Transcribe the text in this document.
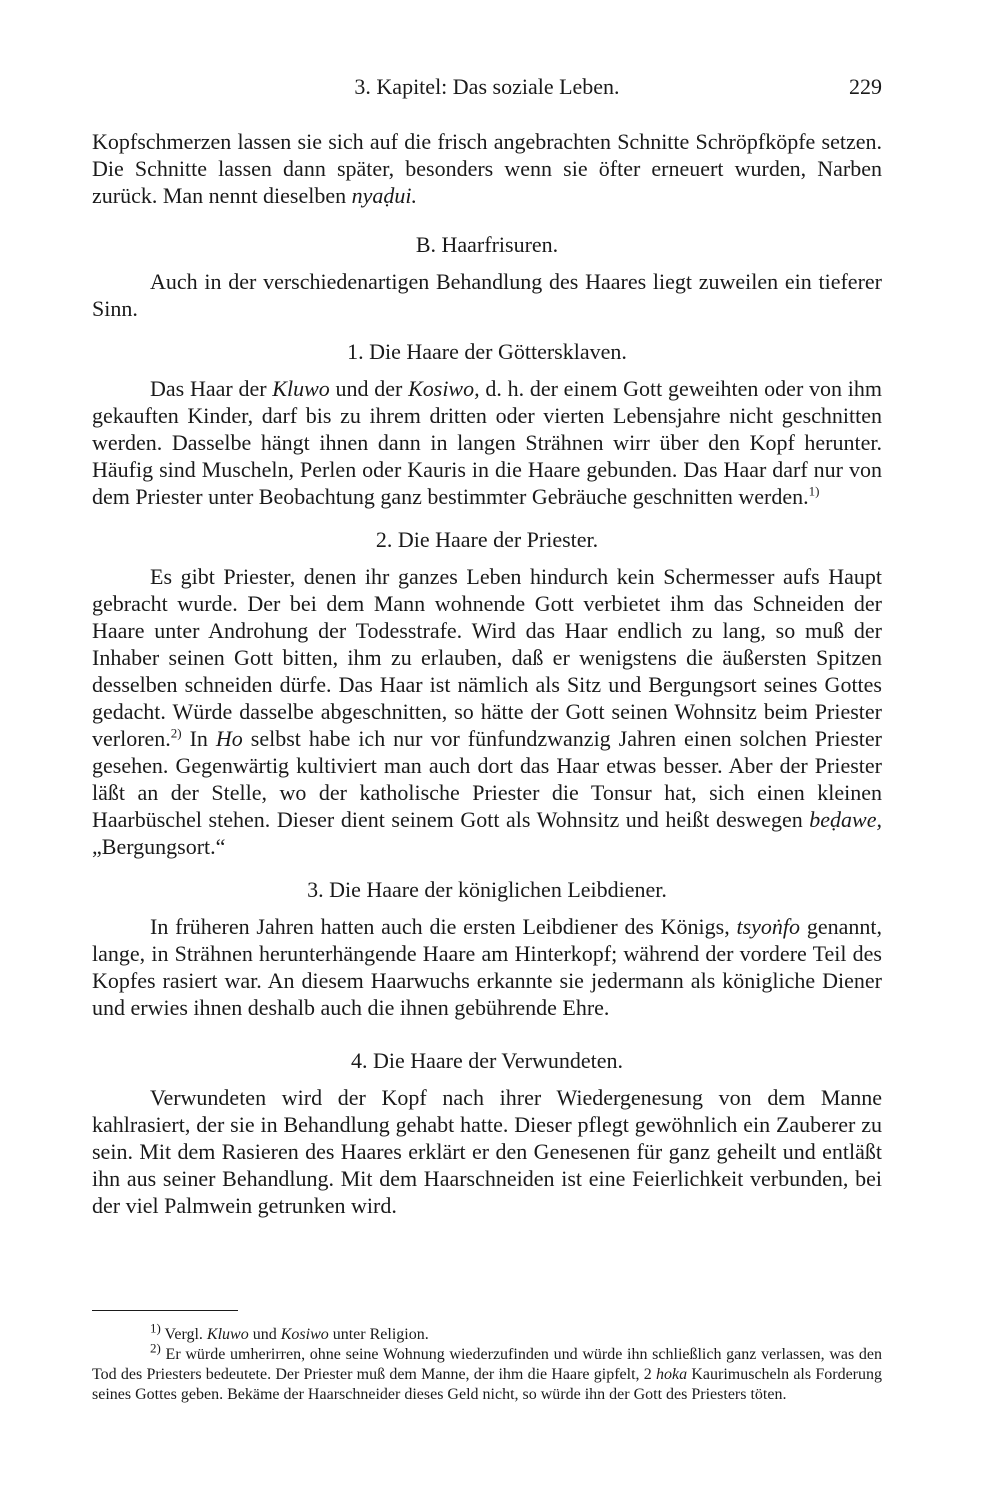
3. Kapitel: Das soziale Leben.	229

Kopfschmerzen lassen sie sich auf die frisch angebrachten Schnitte Schröpfköpfe setzen. Die Schnitte lassen dann später, besonders wenn sie öfter erneuert wurden, Narben zurück. Man nennt dieselben nyaḍui.

B. Haarfrisuren.

Auch in der verschiedenartigen Behandlung des Haares liegt zuweilen ein tieferer Sinn.

1. Die Haare der Göttersklaven.

Das Haar der Kluwo und der Kosiwo, d. h. der einem Gott geweihten oder von ihm gekauften Kinder, darf bis zu ihrem dritten oder vierten Lebensjahre nicht geschnitten werden. Dasselbe hängt ihnen dann in langen Strähnen wirr über den Kopf herunter. Häufig sind Muscheln, Perlen oder Kauris in die Haare gebunden. Das Haar darf nur von dem Priester unter Beobachtung ganz bestimmter Gebräuche geschnitten werden.$^{1)}$

2. Die Haare der Priester.

Es gibt Priester, denen ihr ganzes Leben hindurch kein Schermesser aufs Haupt gebracht wurde. Der bei dem Mann wohnende Gott verbietet ihm das Schneiden der Haare unter Androhung der Todesstrafe. Wird das Haar endlich zu lang, so muß der Inhaber seinen Gott bitten, ihm zu erlauben, daß er wenigstens die äußersten Spitzen desselben schneiden dürfe. Das Haar ist nämlich als Sitz und Bergungsort seines Gottes gedacht. Würde dasselbe abgeschnitten, so hätte der Gott seinen Wohnsitz beim Priester verloren.$^{2)}$ In Ho selbst habe ich nur vor fünfundzwanzig Jahren einen solchen Priester gesehen. Gegenwärtig kultiviert man auch dort das Haar etwas besser. Aber der Priester läßt an der Stelle, wo der katholische Priester die Tonsur hat, sich einen kleinen Haarbüschel stehen. Dieser dient seinem Gott als Wohnsitz und heißt deswegen beḍawe, „Bergungsort.“

3. Die Haare der königlichen Leibdiener.

In früheren Jahren hatten auch die ersten Leibdiener des Königs, tsyoṅfo genannt, lange, in Strähnen herunterhängende Haare am Hinterkopf; während der vordere Teil des Kopfes rasiert war. An diesem Haarwuchs erkannte sie jedermann als königliche Diener und erwies ihnen deshalb auch die ihnen gebührende Ehre.

4. Die Haare der Verwundeten.

Verwundeten wird der Kopf nach ihrer Wiedergenesung von dem Manne kahlrasiert, der sie in Behandlung gehabt hatte. Dieser pflegt gewöhnlich ein Zauberer zu sein. Mit dem Rasieren des Haares erklärt er den Genesenen für ganz geheilt und entläßt ihn aus seiner Behandlung. Mit dem Haarschneiden ist eine Feierlichkeit verbunden, bei der viel Palmwein getrunken wird.

$^{1)}$ Vergl. Kluwo und Kosiwo unter Religion.

$^{2)}$ Er würde umherirren, ohne seine Wohnung wiederzufinden und würde ihn schließlich ganz verlassen, was den Tod des Priesters bedeutete. Der Priester muß dem Manne, der ihm die Haare gipfelt, 2 hoka Kaurimuscheln als Forderung seines Gottes geben. Bekäme der Haarschneider dieses Geld nicht, so würde ihn der Gott des Priesters töten.
